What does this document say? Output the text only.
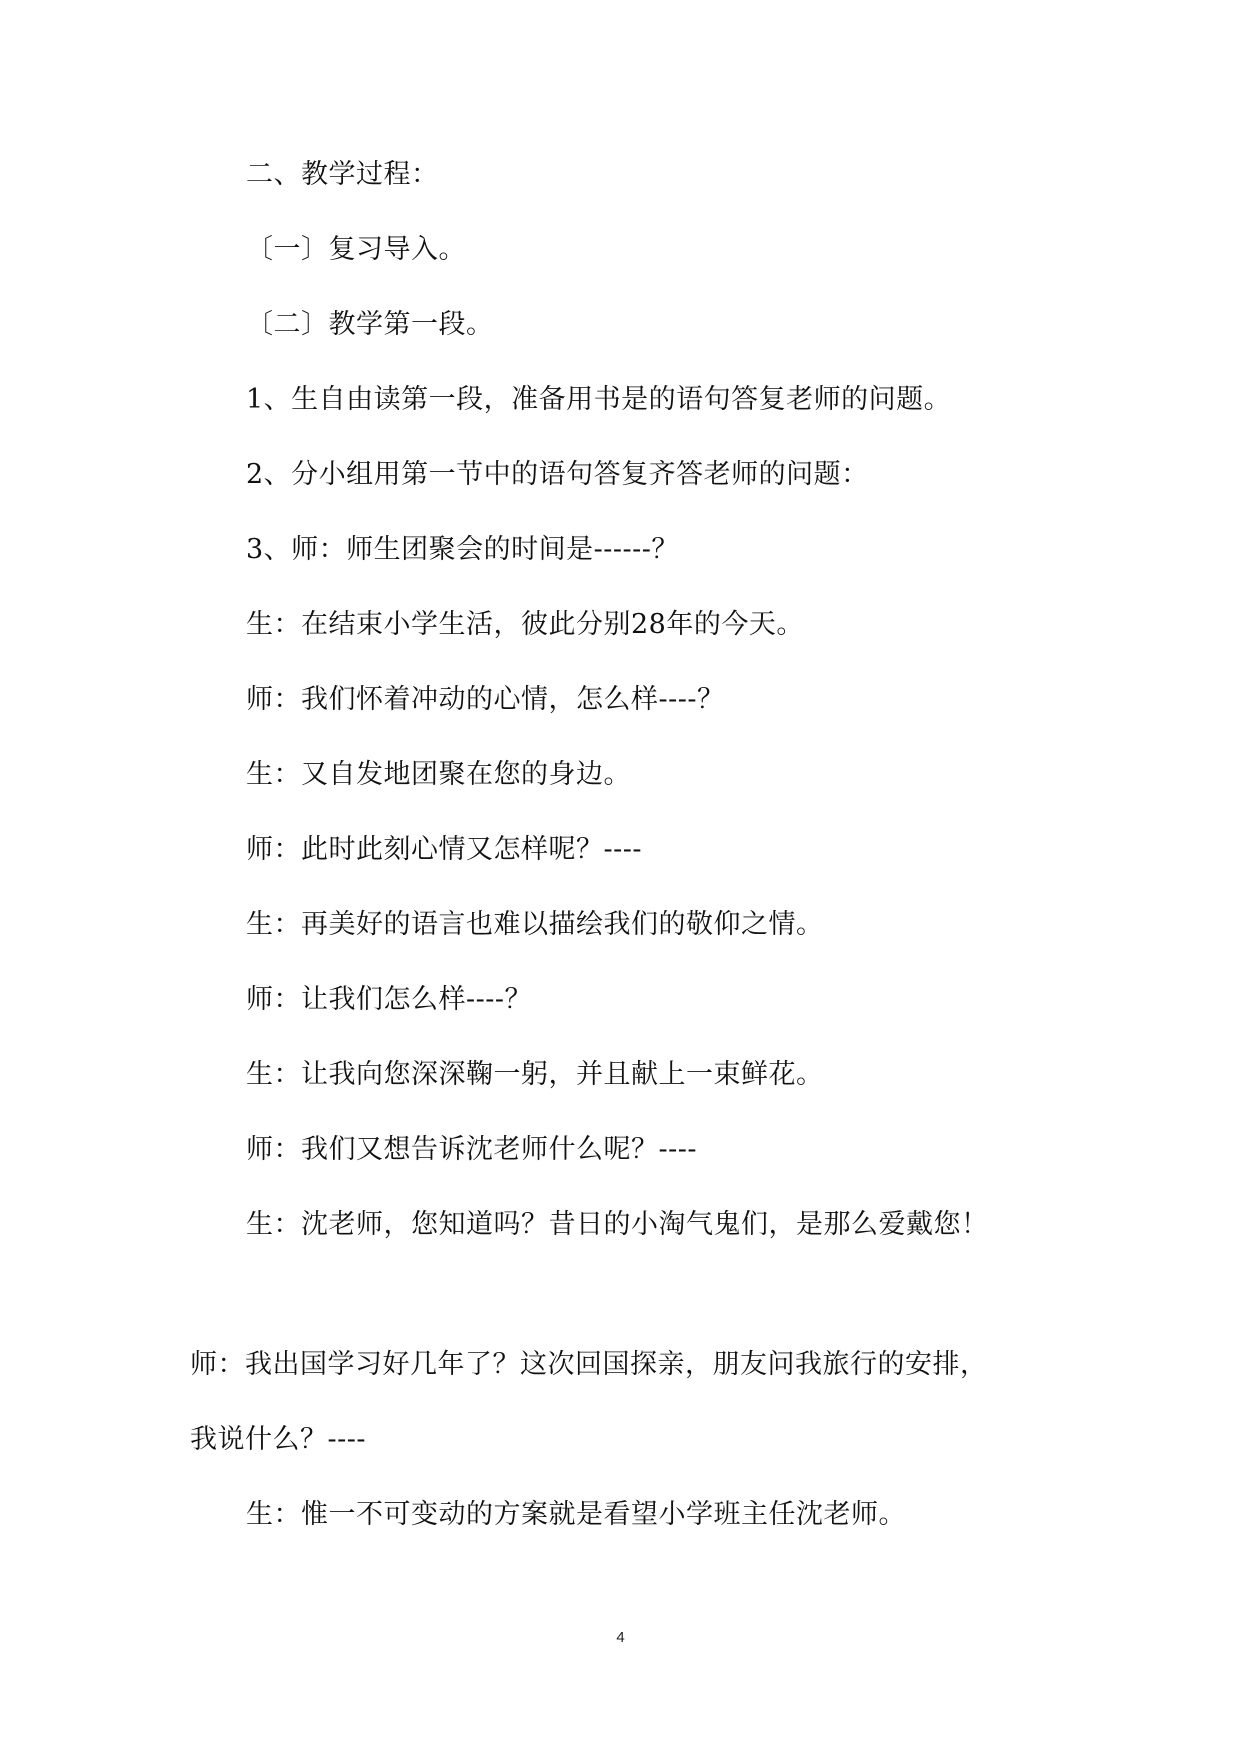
二、教学过程：
〔一〕复习导入。
〔二〕教学第一段。
1、生自由读第一段，准备用书是的语句答复老师的问题。
2、分小组用第一节中的语句答复齐答老师的问题：
3、师：师生团聚会的时间是------？
生：在结束小学生活，彼此分别28年的今天。
师：我们怀着冲动的心情，怎么样----？
生：又自发地团聚在您的身边。
师：此时此刻心情又怎样呢？----
生：再美好的语言也难以描绘我们的敬仰之情。
师：让我们怎么样----？
生：让我向您深深鞠一躬，并且献上一束鲜花。
师：我们又想告诉沈老师什么呢？----
生：沈老师，您知道吗？昔日的小淘气鬼们，是那么爱戴您！
师：我出国学习好几年了？这次回国探亲，朋友问我旅行的安排，
我说什么？----
生：惟一不可变动的方案就是看望小学班主任沈老师。
4
